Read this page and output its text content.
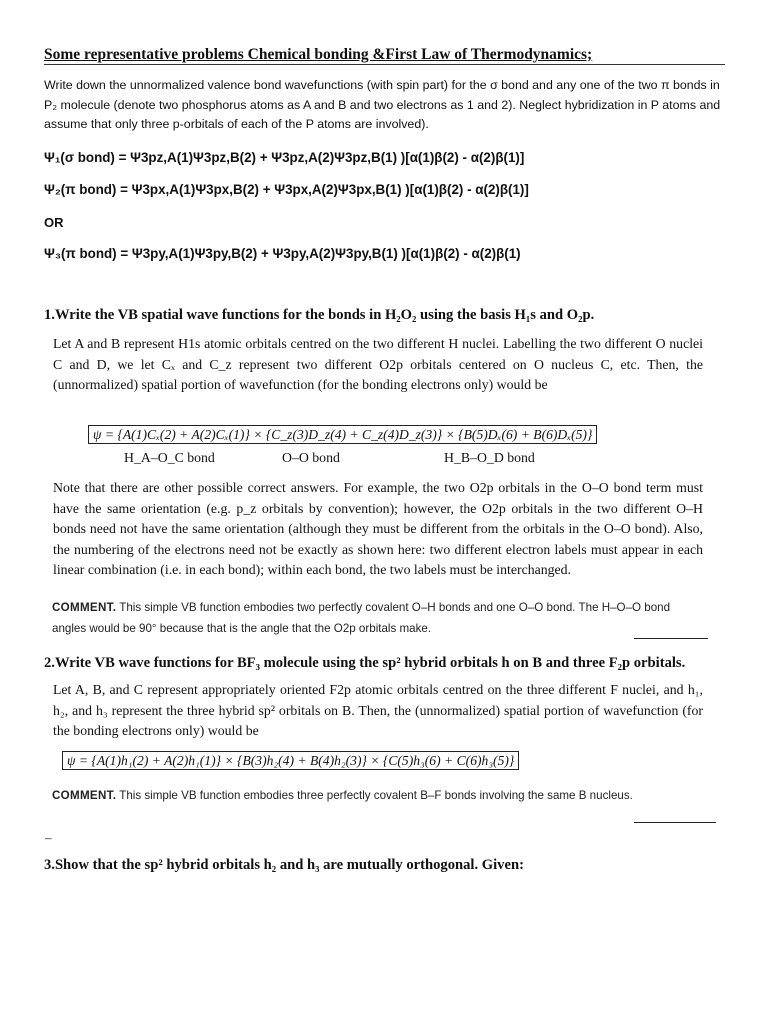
Some representative problems Chemical bonding &First Law of Thermodynamics;
Write down the unnormalized valence bond wavefunctions (with spin part) for the σ bond and any one of the two π bonds in P₂ molecule (denote two phosphorus atoms as A and B and two electrons as 1 and 2). Neglect hybridization in P atoms and assume that only three p-orbitals of each of the P atoms are involved).
Ψ₁(σ bond) = Ψ3pz,A(1)Ψ3pz,B(2) + Ψ3pz,A(2)Ψ3pz,B(1) )[α(1)β(2) - α(2)β(1)]
Ψ₂(π bond) = Ψ3px,A(1)Ψ3px,B(2) + Ψ3px,A(2)Ψ3px,B(1) )[α(1)β(2) - α(2)β(1)]
OR
Ψ₃(π bond) = Ψ3py,A(1)Ψ3py,B(2) + Ψ3py,A(2)Ψ3py,B(1) )[α(1)β(2) - α(2)β(1)
1.Write the VB spatial wave functions for the bonds in H₂O₂ using the basis H₁s and O₂p.
Let A and B represent H1s atomic orbitals centred on the two different H nuclei. Labelling the two different O nuclei C and D, we let Cₓ and C_z represent two different O2p orbitals centered on O nucleus C, etc. Then, the (unnormalized) spatial portion of wavefunction (for the bonding electrons only) would be
ψ = {A(1)Cₓ(2) + A(2)Cₓ(1)} × {C_z(3)D_z(4) + C_z(4)D_z(3)} × {B(5)Dₓ(6) + B(6)Dₓ(5)}
H_A–O_C bond	O–O bond	H_B–O_D bond
Note that there are other possible correct answers. For example, the two O2p orbitals in the O–O bond term must have the same orientation (e.g. p_z orbitals by convention); however, the O2p orbitals in the two different O–H bonds need not have the same orientation (although they must be different from the orbitals in the O–O bond). Also, the numbering of the electrons need not be exactly as shown here: two different electron labels must appear in each linear combination (i.e. in each bond); within each bond, the two labels must be interchanged.
COMMENT. This simple VB function embodies two perfectly covalent O–H bonds and one O–O bond. The H–O–O bond angles would be 90° because that is the angle that the O2p orbitals make.
2.Write VB wave functions for BF₃ molecule using the sp² hybrid orbitals h on B and three F₂p orbitals.
Let A, B, and C represent appropriately oriented F2p atomic orbitals centred on the three different F nuclei, and h₁, h₂, and h₃ represent the three hybrid sp² orbitals on B. Then, the (unnormalized) spatial portion of wavefunction (for the bonding electrons only) would be
ψ = {A(1)h₁(2) + A(2)h₁(1)} × {B(3)h₂(4) + B(4)h₂(3)} × {C(5)h₃(6) + C(6)h₃(5)}
COMMENT. This simple VB function embodies three perfectly covalent B–F bonds involving the same B nucleus.
–
3.Show that the sp² hybrid orbitals h₂ and h₃ are mutually orthogonal. Given:
